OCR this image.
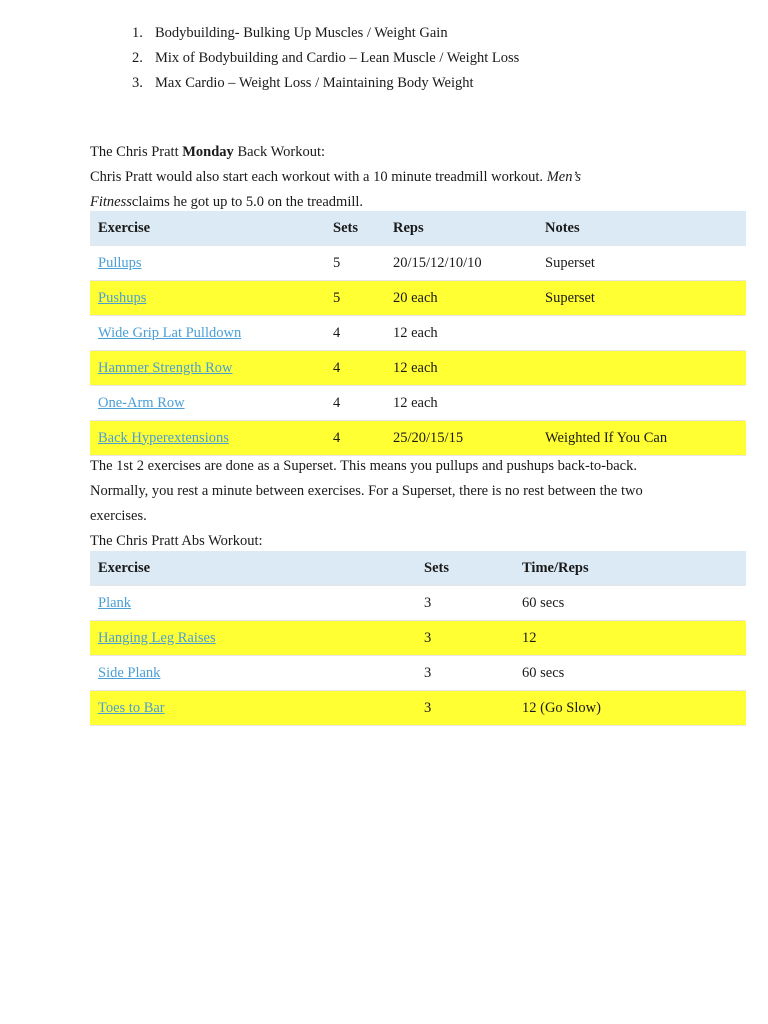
1. Bodybuilding- Bulking Up Muscles / Weight Gain
2. Mix of Bodybuilding and Cardio – Lean Muscle / Weight Loss
3. Max Cardio – Weight Loss / Maintaining Body Weight

The Chris Pratt Monday Back Workout:

Chris Pratt would also start each workout with a 10 minute treadmill workout. Men’s
Fitnessclaims he got up to 5.0 on the treadmill.

Exercise	Sets	Reps	Notes
Pullups	5	20/15/12/10/10	Superset
Pushups	5	20 each	Superset
Wide Grip Lat Pulldown	4	12 each	
Hammer Strength Row	4	12 each	
One-Arm Row	4	12 each	
Back Hyperextensions	4	25/20/15/15	Weighted If You Can

The 1st 2 exercises are done as a Superset. This means you pullups and pushups back-to-back. Normally, you rest a minute between exercises. For a Superset, there is no rest between the two exercises.

The Chris Pratt Abs Workout:

Exercise	Sets	Time/Reps
Plank	3	60 secs
Hanging Leg Raises	3	12
Side Plank	3	60 secs
Toes to Bar	3	12 (Go Slow)
